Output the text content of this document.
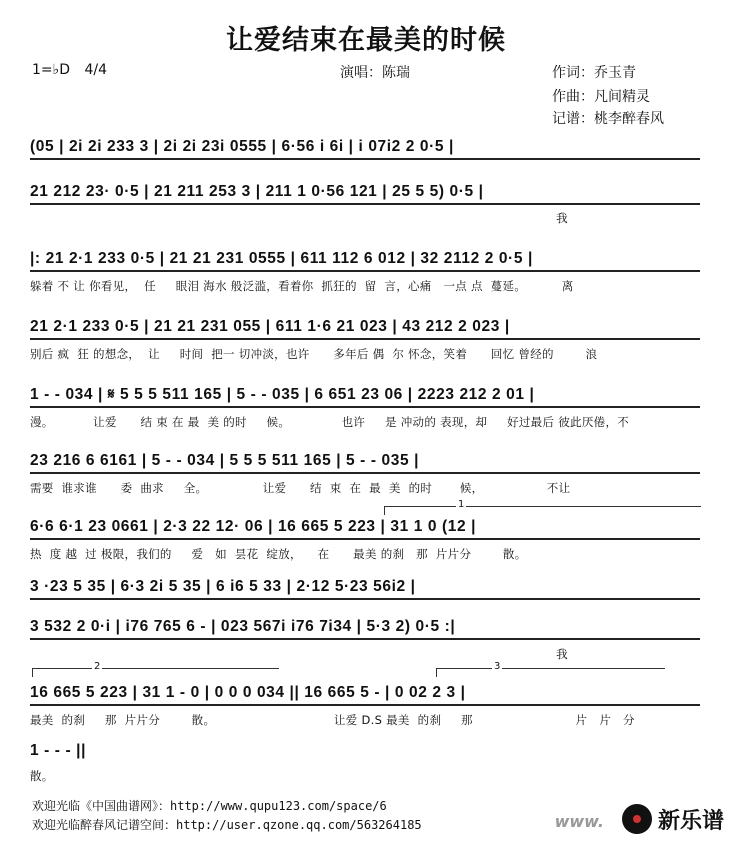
让爱结束在最美的时候
1=♭D 4/4	演唱：陈瑞	作词：乔玉青
作曲：凡间精灵
记谱：桃李醉春风
(05 | 2i 2i 233 3 | 2i 2i 23i 0555 | 6·56 i 6i | i 07i2 2 0·5 |
21 212 23· 0·5 | 21 211 253 3 | 211 1 0·56 121 | 25 5 5) 0·5 |
我
|: 21 2·1 233 0·5 | 21 21 231 0555 | 611 112 6 012 | 32 2112 2 0·5 |
躲着 不 让 你看见，  任     眼泪 海水 般泛滥，看着你  抓狂的  留  言，心痛   一点 点  蔓延。         离
21 2·1 233 0·5 | 21 21 231 055 | 611 1·6 21 023 | 43 212 2 023 |
别后 疯  狂 的想念，  让     时间  把一 切冲淡，也许      多年后 偶  尔 怀念，笑着      回忆 曾经的        浪
1 - - 034 | 𝄋 5 5 5 511 165 | 5 - - 035 | 6 651 23 06 | 2223 212 2 01 |
漫。          让爱      结 束 在 最  美 的时     候。             也许     是 冲动的 表现，却     好过最后 彼此厌倦，不
23 216 6 6161 | 5 - - 034 | 5 5 5 511 165 | 5 - - 035 |
需要  谁求谁      委  曲求     全。              让爱      结  束  在  最  美  的时       候，                不让
1
6·6 6·1 23 0661 | 2·3 22 12· 06 | 16 665 5 223 | 31 1 0 (12 |
热  度 越  过 极限，我们的     爱   如  昙花  绽放，    在      最美 的刹   那  片片分        散。
3 ·23 5 35 | 6·3 2i 5 35 | 6 i6 5 33 | 2·12 5·23 56i2 |
3 532 2 0·i | i76 765 6 - | 023 567i i76 7i34 | 5·3 2) 0·5 :|
我
2	3
16 665 5 223 | 31 1 - 0 | 0 0 0 034 || 16 665 5 - | 0 02 2 3 |
最美  的刹     那  片片分        散。                              让爱 D.S 最美  的刹     那                          片   片   分
1 - - - ||
散。
欢迎光临《中国曲谱网》：http://www.qupu123.com/space/6
欢迎光临醉春风记谱空间：http://user.qzone.qq.com/563264185	www. 新乐谱
